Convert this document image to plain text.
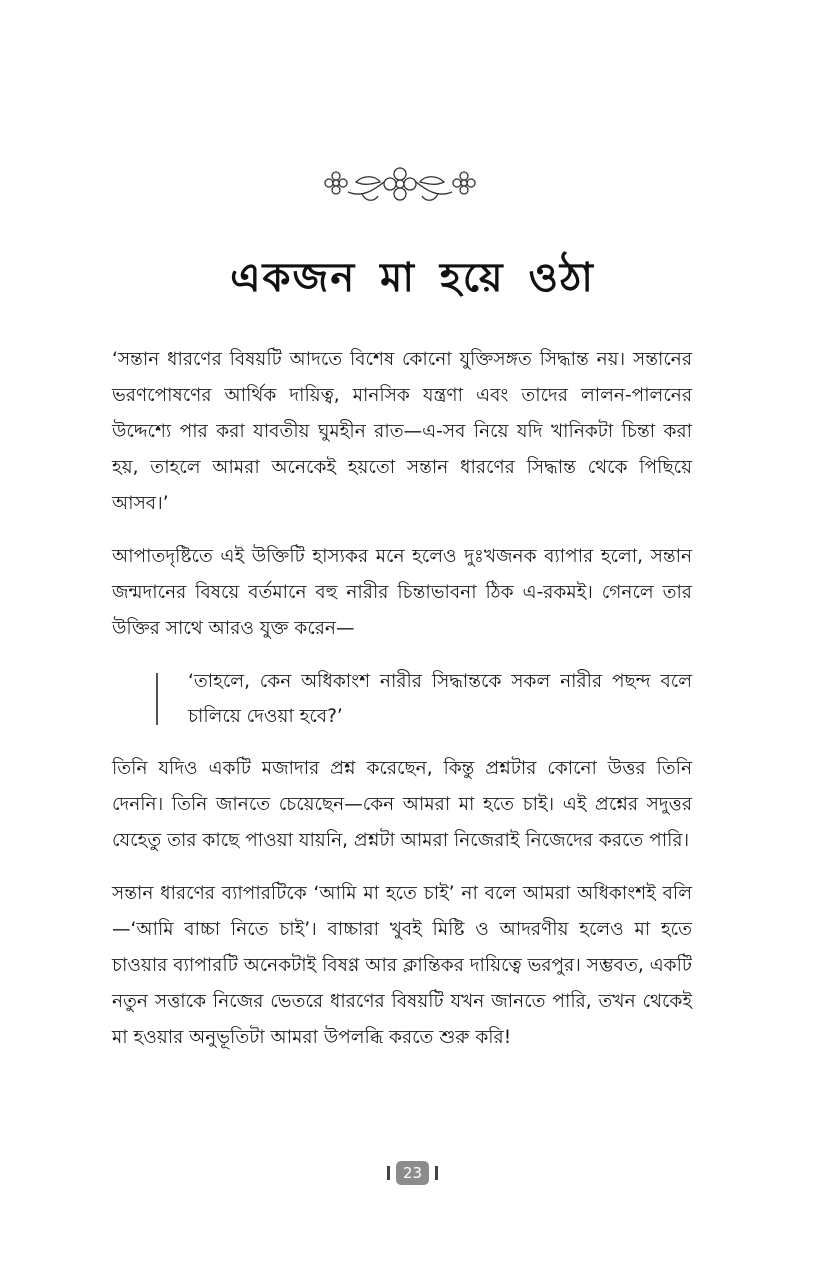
একজন মা হয়ে ওঠা

‘সন্তান ধারণের বিষয়টি আদতে বিশেষ কোনো যুক্তিসঙ্গত সিদ্ধান্ত নয়। সন্তানের ভরণপোষণের আর্থিক দায়িত্ব, মানসিক যন্ত্রণা এবং তাদের লালন-পালনের উদ্দেশ্যে পার করা যাবতীয় ঘুমহীন রাত—এ-সব নিয়ে যদি খানিকটা চিন্তা করা হয়, তাহলে আমরা অনেকেই হয়তো সন্তান ধারণের সিদ্ধান্ত থেকে পিছিয়ে আসব।’

আপাতদৃষ্টিতে এই উক্তিটি হাস্যকর মনে হলেও দুঃখজনক ব্যাপার হলো, সন্তান জন্মদানের বিষয়ে বর্তমানে বহু নারীর চিন্তাভাবনা ঠিক এ-রকমই। গেনলে তার উক্তির সাথে আরও যুক্ত করেন—

‘তাহলে, কেন অধিকাংশ নারীর সিদ্ধান্তকে সকল নারীর পছন্দ বলে চালিয়ে দেওয়া হবে?’

তিনি যদিও একটি মজাদার প্রশ্ন করেছেন, কিন্তু প্রশ্নটার কোনো উত্তর তিনি দেননি। তিনি জানতে চেয়েছেন—কেন আমরা মা হতে চাই। এই প্রশ্নের সদুত্তর যেহেতু তার কাছে পাওয়া যায়নি, প্রশ্নটা আমরা নিজেরাই নিজেদের করতে পারি।

সন্তান ধারণের ব্যাপারটিকে ‘আমি মা হতে চাই’ না বলে আমরা অধিকাংশই বলি—‘আমি বাচ্চা নিতে চাই’। বাচ্চারা খুবই মিষ্টি ও আদরণীয় হলেও মা হতে চাওয়ার ব্যাপারটি অনেকটাই বিষণ্ণ আর ক্লান্তিকর দায়িত্বে ভরপুর। সম্ভবত, একটি নতুন সত্তাকে নিজের ভেতরে ধারণের বিষয়টি যখন জানতে পারি, তখন থেকেই মা হওয়ার অনুভূতিটা আমরা উপলব্ধি করতে শুরু করি!

23
